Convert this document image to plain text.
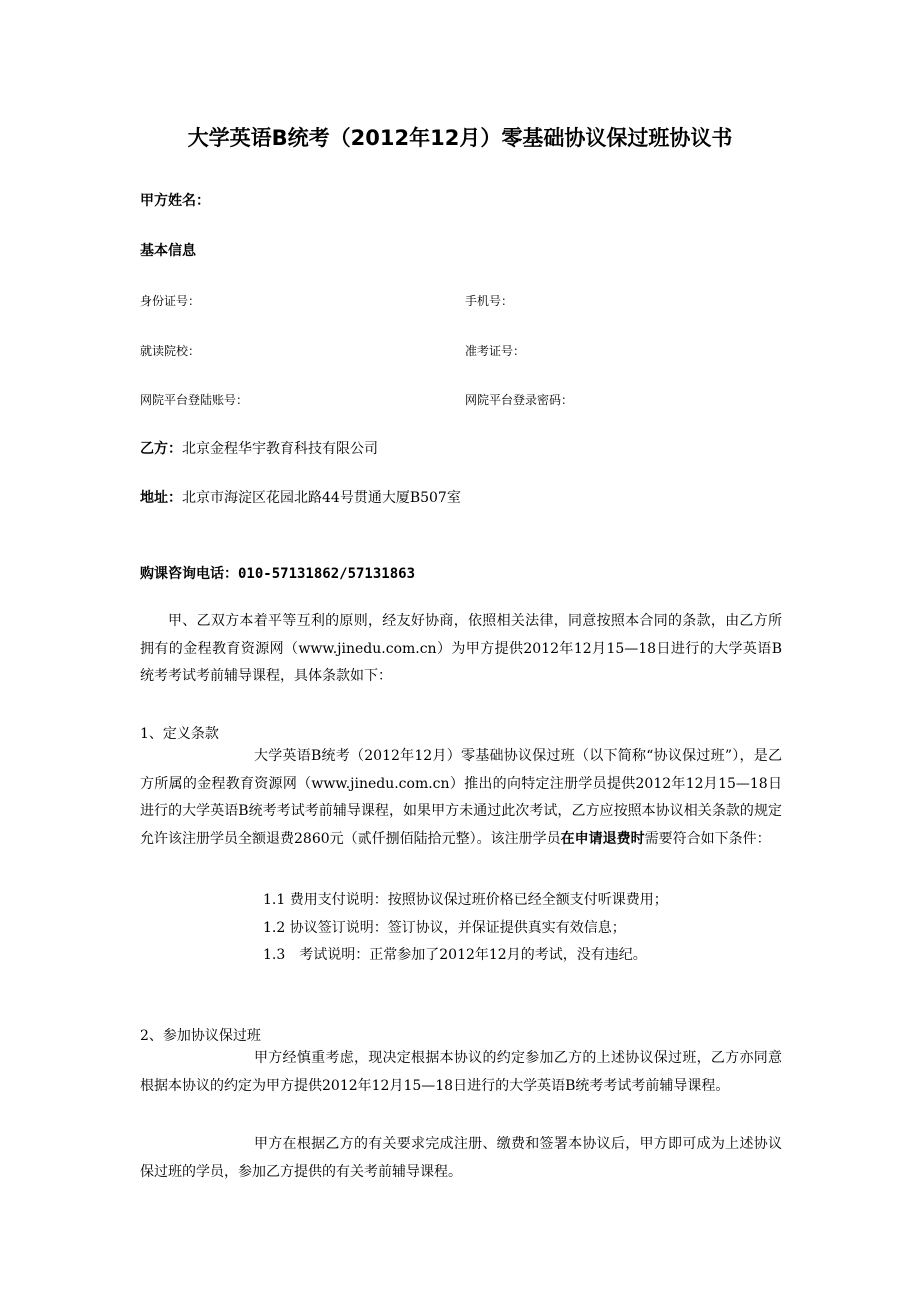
大学英语B统考（2012年12月）零基础协议保过班协议书
甲方姓名：
基本信息
身份证号：	手机号：
就读院校：	准考证号：
网院平台登陆账号：	网院平台登录密码：
乙方：北京金程华宇教育科技有限公司
地址：北京市海淀区花园北路44号贯通大厦B507室
购课咨询电话：010-57131862/57131863

甲、乙双方本着平等互利的原则，经友好协商，依照相关法律，同意按照本合同的条款，由乙方所拥有的金程教育资源网（www.jinedu.com.cn）为甲方提供2012年12月15—18日进行的大学英语B统考考试考前辅导课程，具体条款如下：

1、定义条款

大学英语B统考（2012年12月）零基础协议保过班（以下简称“协议保过班”），是乙方所属的金程教育资源网（www.jinedu.com.cn）推出的向特定注册学员提供2012年12月15—18日进行的大学英语B统考考试考前辅导课程，如果甲方未通过此次考试，乙方应按照本协议相关条款的规定允许该注册学员全额退费2860元（贰仟捌佰陆拾元整）。该注册学员在申请退费时需要符合如下条件：

1.1 费用支付说明：按照协议保过班价格已经全额支付听课费用；
1.2 协议签订说明：签订协议，并保证提供真实有效信息；
1.3　考试说明：正常参加了2012年12月的考试，没有违纪。
2、参加协议保过班

甲方经慎重考虑，现决定根据本协议的约定参加乙方的上述协议保过班，乙方亦同意根据本协议的约定为甲方提供2012年12月15—18日进行的大学英语B统考考试考前辅导课程。

甲方在根据乙方的有关要求完成注册、缴费和签署本协议后，甲方即可成为上述协议保过班的学员，参加乙方提供的有关考前辅导课程。
